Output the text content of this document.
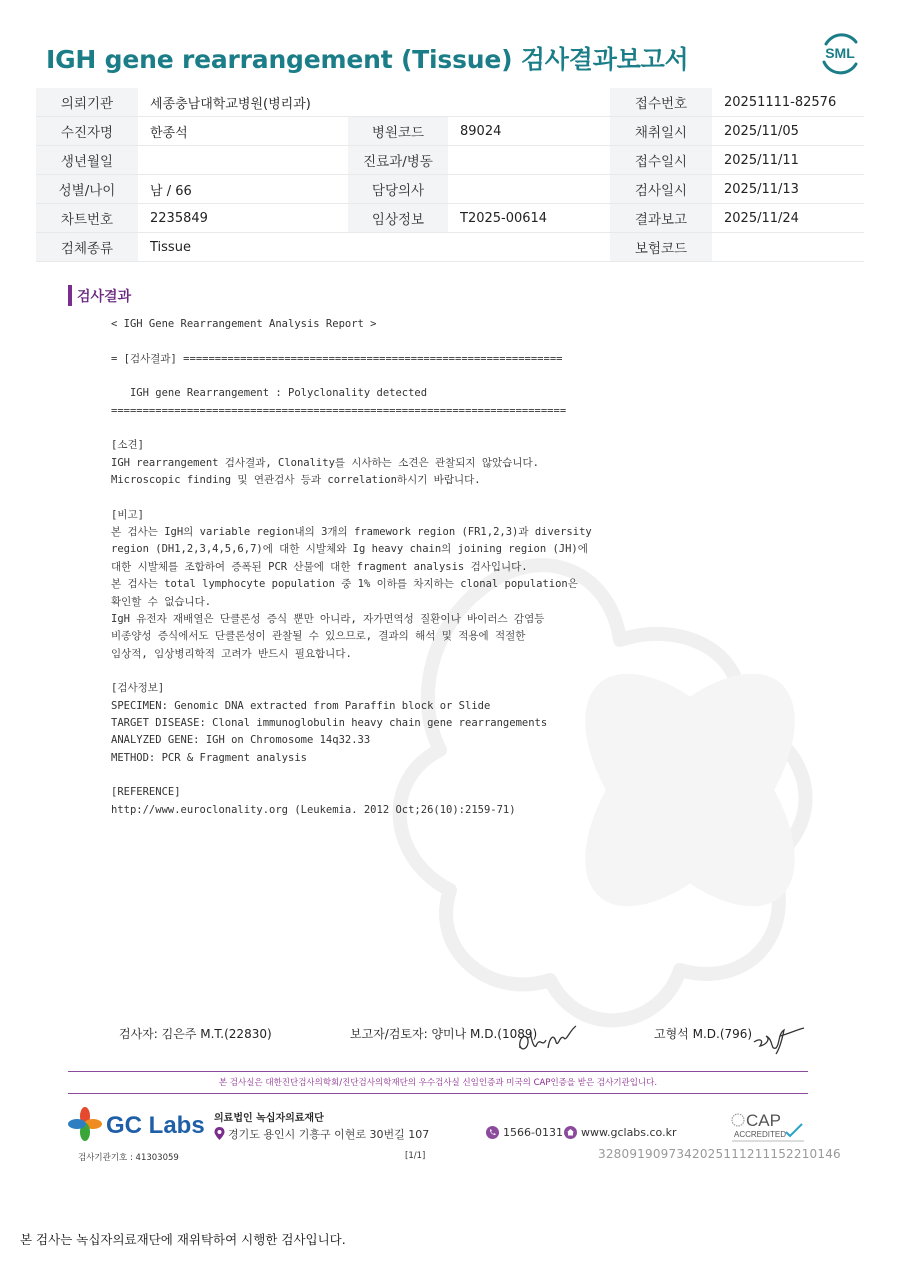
IGH gene rearrangement (Tissue) 검사결과보고서	SML
의뢰기관	세종충남대학교병원(병리과)			접수번호	20251111-82576
수진자명	한종석	병원코드	89024	채취일시	2025/11/05
생년월일		진료과/병동		접수일시	2025/11/11
성별/나이	남 / 66	담당의사		검사일시	2025/11/13
차트번호	2235849	임상정보	T2025-00614	결과보고	2025/11/24
검체종류	Tissue			보험코드	
검사결과
< IGH Gene Rearrangement Analysis Report >

= [검사결과] ============================================================

IGH gene Rearrangement : Polyclonality detected
========================================================================

[소견]
IGH rearrangement 검사결과, Clonality를 시사하는 소견은 관찰되지 않았습니다.
Microscopic finding 및 연관검사 등과 correlation하시기 바랍니다.

[비고]
본 검사는 IgH의 variable region내의 3개의 framework region (FR1,2,3)과 diversity
region (DH1,2,3,4,5,6,7)에 대한 시발체와 Ig heavy chain의 joining region (JH)에
대한 시발체를 조합하여 증폭된 PCR 산물에 대한 fragment analysis 검사입니다.
본 검사는 total lymphocyte population 중 1% 이하를 차지하는 clonal population은
확인할 수 없습니다.
IgH 유전자 재배열은 단클론성 증식 뿐만 아니라, 자가면역성 질환이나 바이러스 감염등
비종양성 증식에서도 단클론성이 관찰될 수 있으므로, 결과의 해석 및 적용에 적절한
임상적, 임상병리학적 고려가 반드시 필요합니다.

[검사정보]
SPECIMEN: Genomic DNA extracted from Paraffin block or Slide
TARGET DISEASE: Clonal immunoglobulin heavy chain gene rearrangements
ANALYZED GENE: IGH on Chromosome 14q32.33
METHOD: PCR & Fragment analysis

[REFERENCE]
http://www.euroclonality.org (Leukemia. 2012 Oct;26(10):2159-71)
검사자: 김은주 M.T.(22830)	보고자/검토자: 양미나 M.D.(1089)	고형석 M.D.(796)
본 검사실은 대한진단검사의학회/진단검사의학재단의 우수검사실 신임인증과 미국의 CAP인증을 받은 검사기관입니다.
GC Labs 의료법인 녹십자의료재단
경기도 용인시 기흥구 이현로 30번길 107	1566-0131 www.gclabs.co.kr
CAP
ACCREDITED
검사기관기호 : 41303059	[1/1]	3280919097342025111211152210146
본 검사는 녹십자의료재단에 재위탁하여 시행한 검사입니다.
